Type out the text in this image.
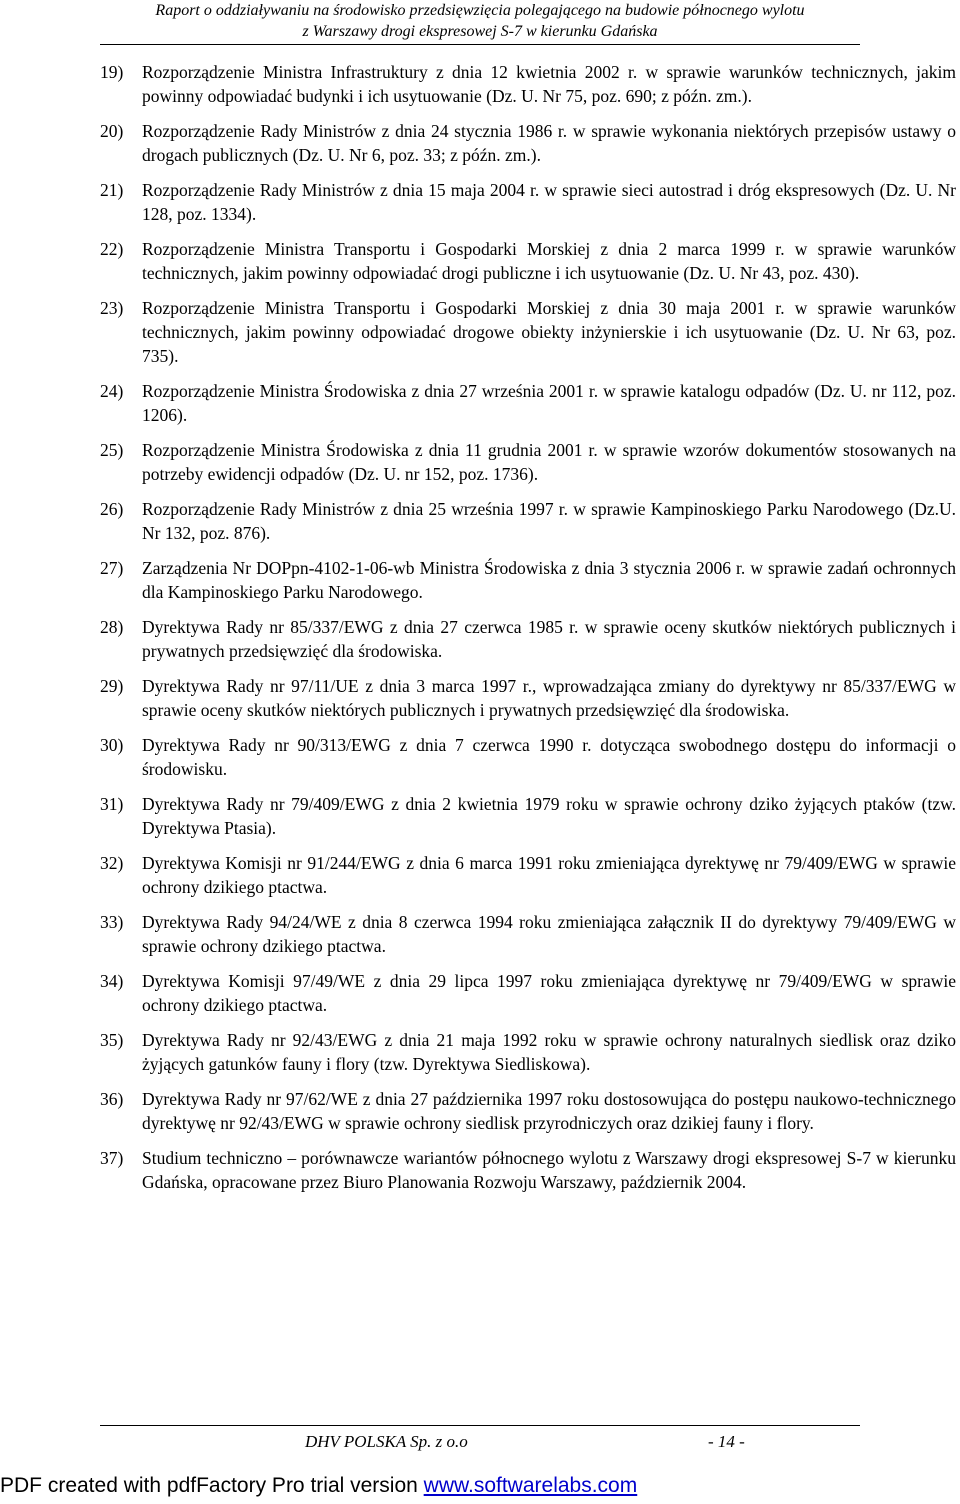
Raport o oddziaływaniu na środowisko przedsięwzięcia polegającego na budowie północnego wylotu
z Warszawy drogi ekspresowej S-7 w kierunku Gdańska
19) Rozporządzenie Ministra Infrastruktury z dnia 12 kwietnia 2002 r. w sprawie warunków technicznych, jakim powinny odpowiadać budynki i ich usytuowanie (Dz. U. Nr 75, poz. 690; z późn. zm.).
20) Rozporządzenie Rady Ministrów z dnia 24 stycznia 1986 r. w sprawie wykonania niektórych przepisów ustawy o drogach publicznych (Dz. U. Nr 6, poz. 33; z późn. zm.).
21) Rozporządzenie Rady Ministrów z dnia 15 maja 2004 r. w sprawie sieci autostrad i dróg ekspresowych (Dz. U. Nr 128, poz. 1334).
22) Rozporządzenie Ministra Transportu i Gospodarki Morskiej z dnia 2 marca 1999 r. w sprawie warunków technicznych, jakim powinny odpowiadać drogi publiczne i ich usytuowanie (Dz. U. Nr 43, poz. 430).
23) Rozporządzenie Ministra Transportu i Gospodarki Morskiej z dnia 30 maja 2001 r. w sprawie warunków technicznych, jakim powinny odpowiadać drogowe obiekty inżynierskie i ich usytuowanie (Dz. U. Nr 63, poz. 735).
24) Rozporządzenie Ministra Środowiska z dnia 27 września 2001 r. w sprawie katalogu odpadów (Dz. U. nr 112, poz. 1206).
25) Rozporządzenie Ministra Środowiska z dnia 11 grudnia 2001 r. w sprawie wzorów dokumentów stosowanych na potrzeby ewidencji odpadów (Dz. U. nr 152, poz. 1736).
26) Rozporządzenie Rady Ministrów z dnia 25 września 1997 r. w sprawie Kampinoskiego Parku Narodowego (Dz.U. Nr 132, poz. 876).
27) Zarządzenia Nr DOPpn-4102-1-06-wb Ministra Środowiska z dnia 3 stycznia 2006 r. w sprawie zadań ochronnych dla Kampinoskiego Parku Narodowego.
28) Dyrektywa Rady nr 85/337/EWG z dnia 27 czerwca 1985 r. w sprawie oceny skutków niektórych publicznych i prywatnych przedsięwzięć dla środowiska.
29) Dyrektywa Rady nr 97/11/UE z dnia 3 marca 1997 r., wprowadzająca zmiany do dyrektywy nr 85/337/EWG w sprawie oceny skutków niektórych publicznych i prywatnych przedsięwzięć dla środowiska.
30) Dyrektywa Rady nr 90/313/EWG z dnia 7 czerwca 1990 r. dotycząca swobodnego dostępu do informacji o środowisku.
31) Dyrektywa Rady nr 79/409/EWG z dnia 2 kwietnia 1979 roku w sprawie ochrony dziko żyjących ptaków (tzw. Dyrektywa Ptasia).
32) Dyrektywa Komisji nr 91/244/EWG z dnia 6 marca 1991 roku zmieniająca dyrektywę nr 79/409/EWG w sprawie ochrony dzikiego ptactwa.
33) Dyrektywa Rady 94/24/WE z dnia 8 czerwca 1994 roku zmieniająca załącznik II do dyrektywy 79/409/EWG w sprawie ochrony dzikiego ptactwa.
34) Dyrektywa Komisji 97/49/WE z dnia 29 lipca 1997 roku zmieniająca dyrektywę nr 79/409/EWG w sprawie ochrony dzikiego ptactwa.
35) Dyrektywa Rady nr 92/43/EWG z dnia 21 maja 1992 roku w sprawie ochrony naturalnych siedlisk oraz dziko żyjących gatunków fauny i flory (tzw. Dyrektywa Siedliskowa).
36) Dyrektywa Rady nr 97/62/WE z dnia 27 października 1997 roku dostosowująca do postępu naukowo-technicznego dyrektywę nr 92/43/EWG w sprawie ochrony siedlisk przyrodniczych oraz dzikiej fauny i flory.
37) Studium techniczno – porównawcze wariantów północnego wylotu z Warszawy drogi ekspresowej S-7 w kierunku Gdańska, opracowane przez Biuro Planowania Rozwoju Warszawy, październik 2004.
DHV POLSKA Sp. z o.o	- 14 -
PDF created with pdfFactory Pro trial version www.softwarelabs.com
